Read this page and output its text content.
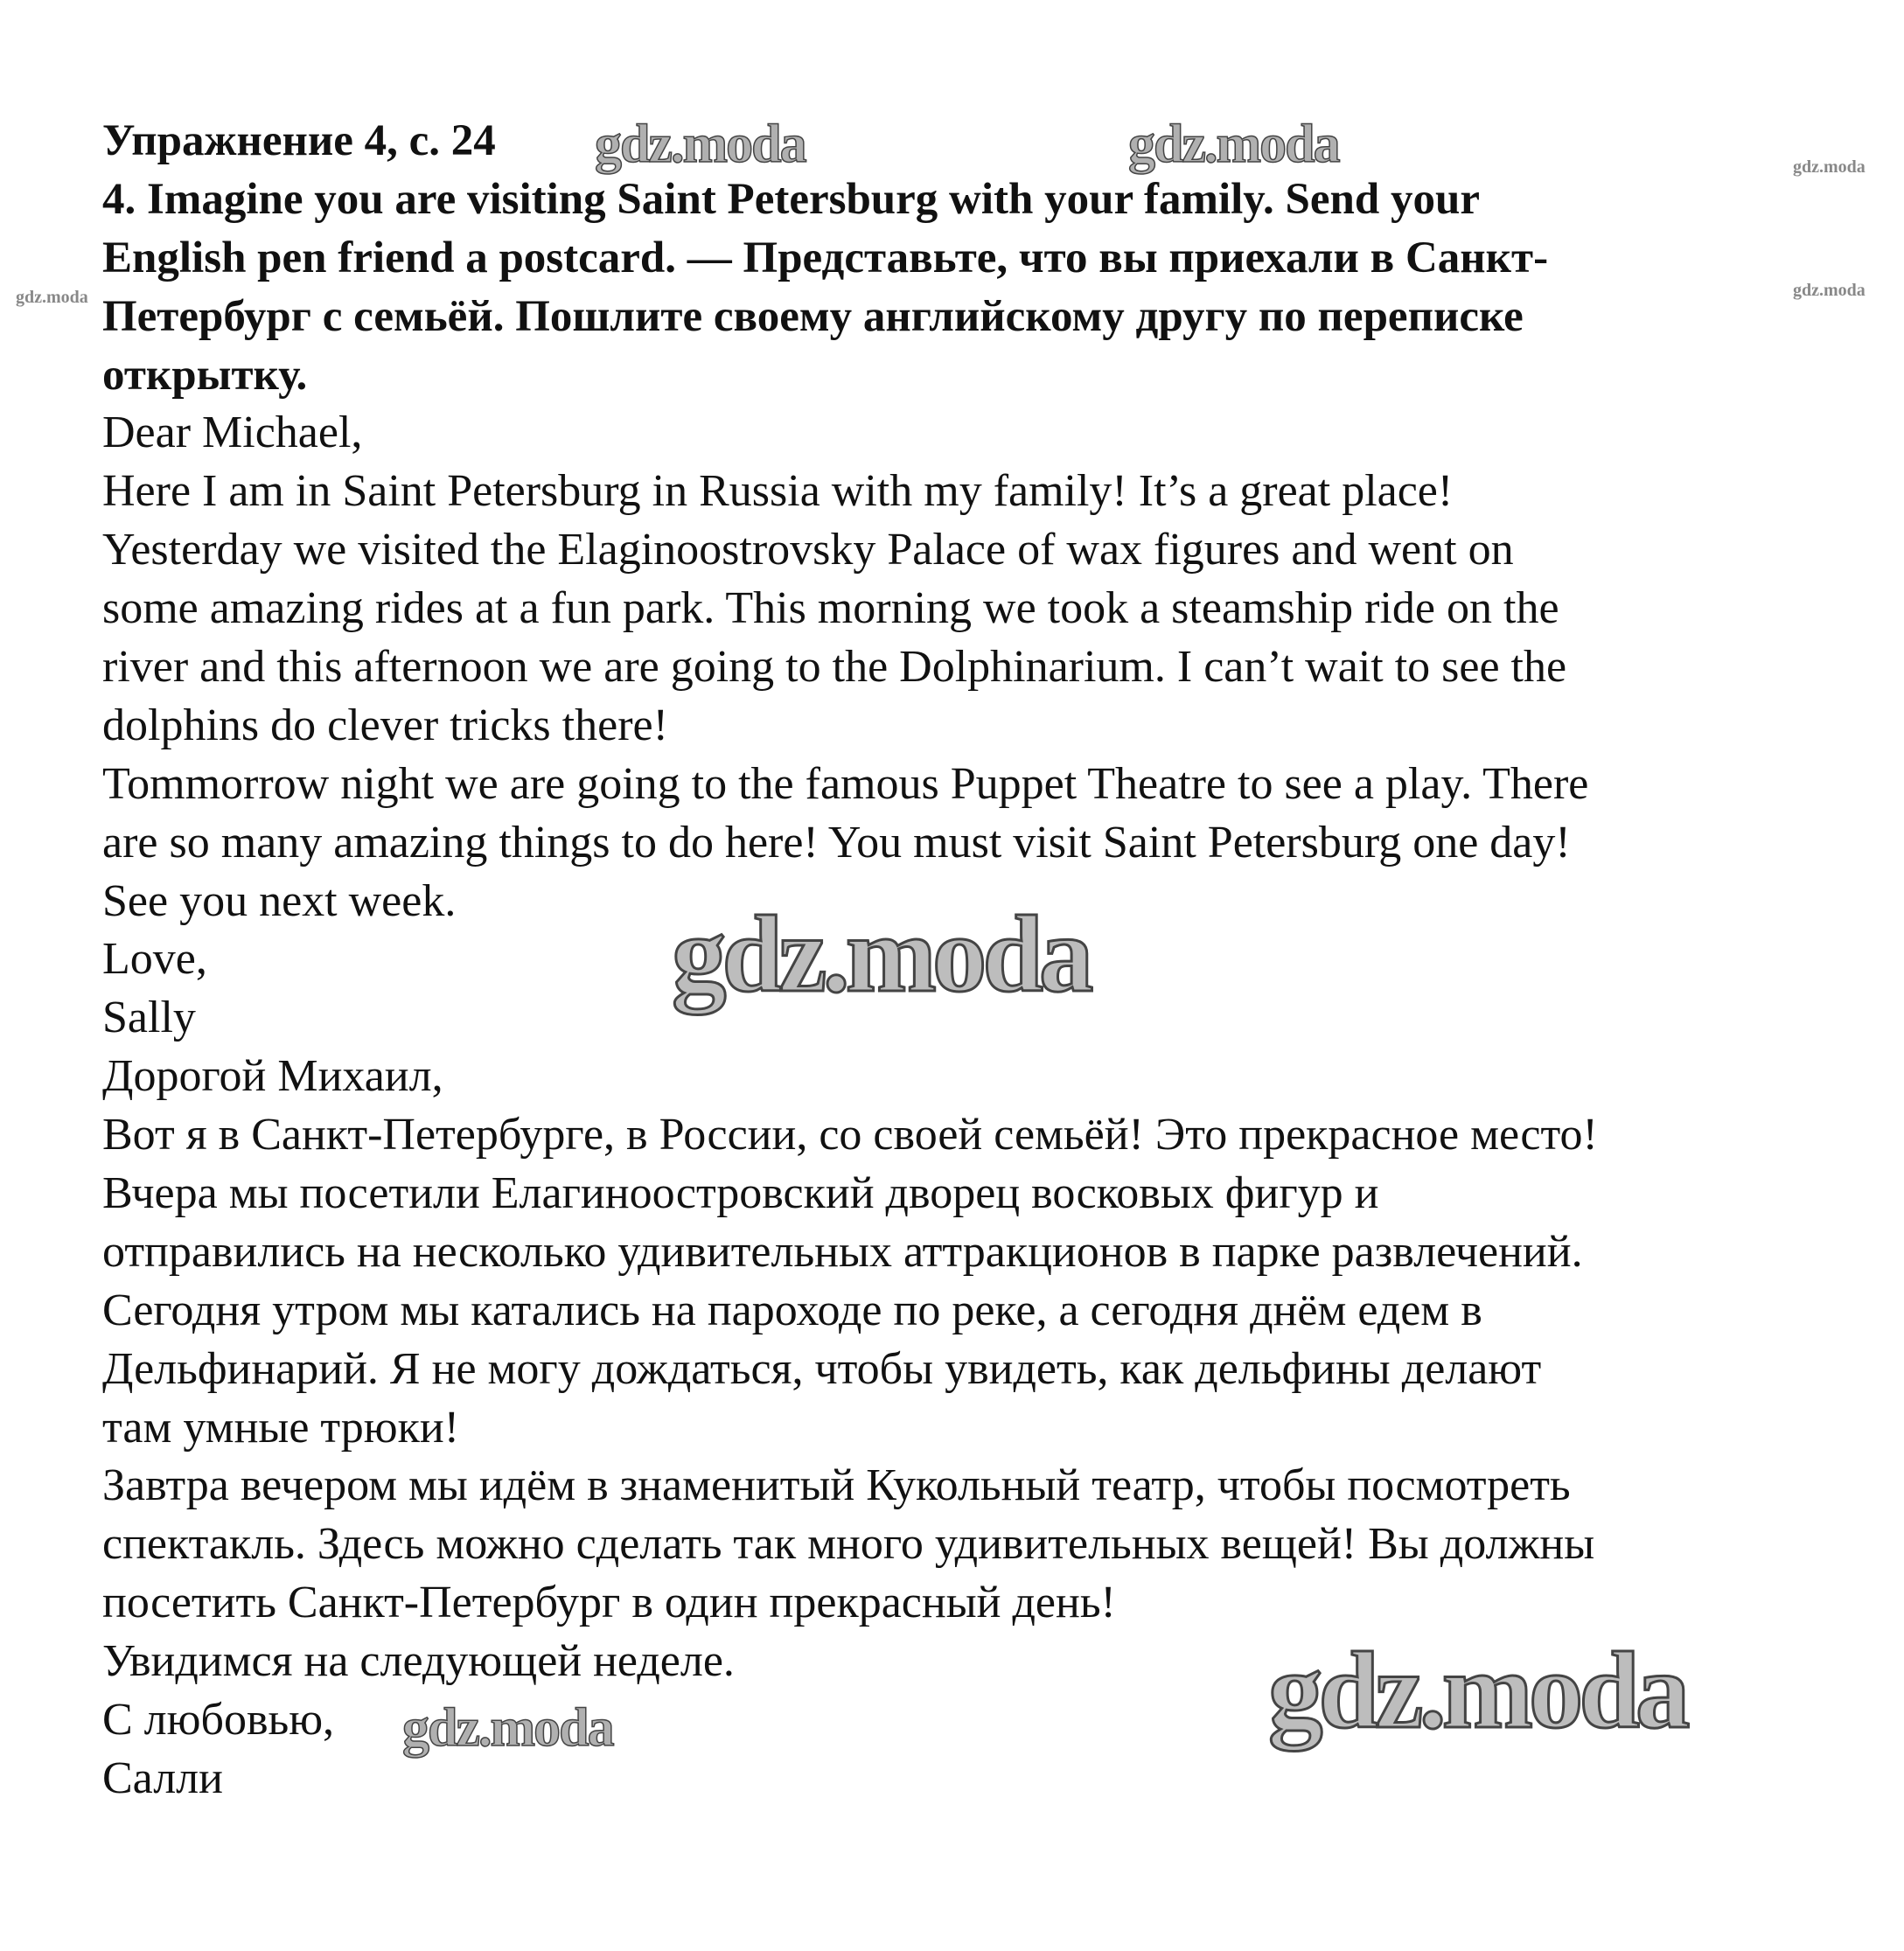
Упражнение 4, с. 24
4. Imagine you are visiting Saint Petersburg with your family. Send your
English pen friend a postcard. — Представьте, что вы приехали в Санкт-
Петербург с семьёй. Пошлите своему английскому другу по переписке
открытку.
Dear Michael,
Here I am in Saint Petersburg in Russia with my family! It’s a great place!
Yesterday we visited the Elaginoostrovsky Palace of wax figures and went on
some amazing rides at a fun park. This morning we took a steamship ride on the
river and this afternoon we are going to the Dolphinarium. I can’t wait to see the
dolphins do clever tricks there!
Tommorrow night we are going to the famous Puppet Theatre to see a play. There
are so many amazing things to do here! You must visit Saint Petersburg one day!
See you next week.
Love,
Sally
Дорогой Михаил,
Вот я в Санкт-Петербурге, в России, со своей семьёй! Это прекрасное место!
Вчера мы посетили Елагиноостровский дворец восковых фигур и
отправились на несколько удивительных аттракционов в парке развлечений.
Сегодня утром мы катались на пароходе по реке, а сегодня днём едем в
Дельфинарий. Я не могу дождаться, чтобы увидеть, как дельфины делают
там умные трюки!
Завтра вечером мы идём в знаменитый Кукольный театр, чтобы посмотреть
спектакль. Здесь можно сделать так много удивительных вещей! Вы должны
посетить Санкт-Петербург в один прекрасный день!
Увидимся на следующей неделе.
С любовью,
Салли
gdz.moda	gdz.moda	gdz.moda
gdz.moda	gdz.moda
gdz.moda
gdz.moda
gdz.moda
